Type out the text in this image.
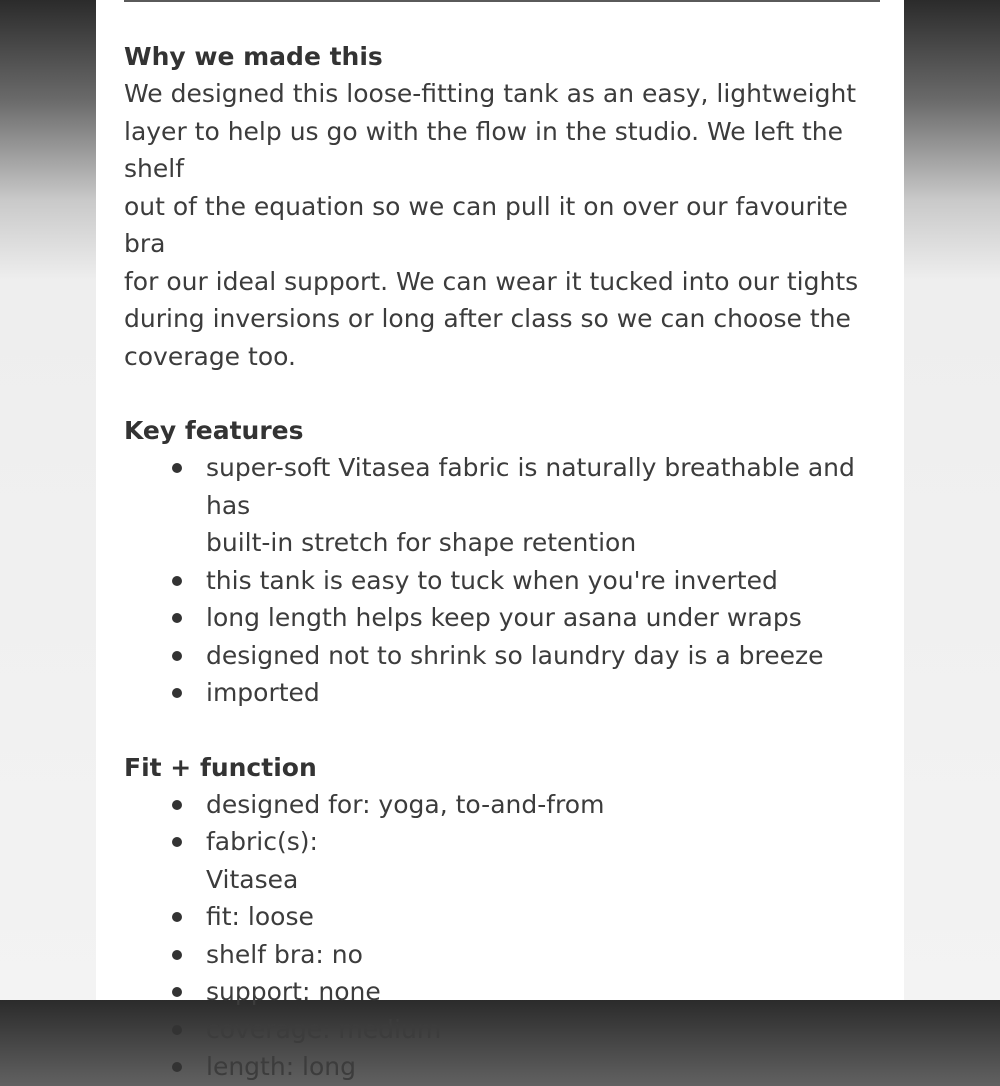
Why we made this

We designed this loose-fitting tank as an easy, lightweight
layer to help us go with the flow in the studio. We left the shelf
out of the equation so we can pull it on over our favourite bra
for our ideal support. We can wear it tucked into our tights
during inversions or long after class so we can choose the
coverage too.

Key features
super-soft Vitasea fabric is naturally breathable and has
built-in stretch for shape retention
this tank is easy to tuck when you're inverted
long length helps keep your asana under wraps
designed not to shrink so laundry day is a breeze
imported
Fit + function
designed for: yoga, to-and-from
fabric(s):
Vitasea
fit: loose
shelf bra: no
support: none
coverage: medium
length: long
